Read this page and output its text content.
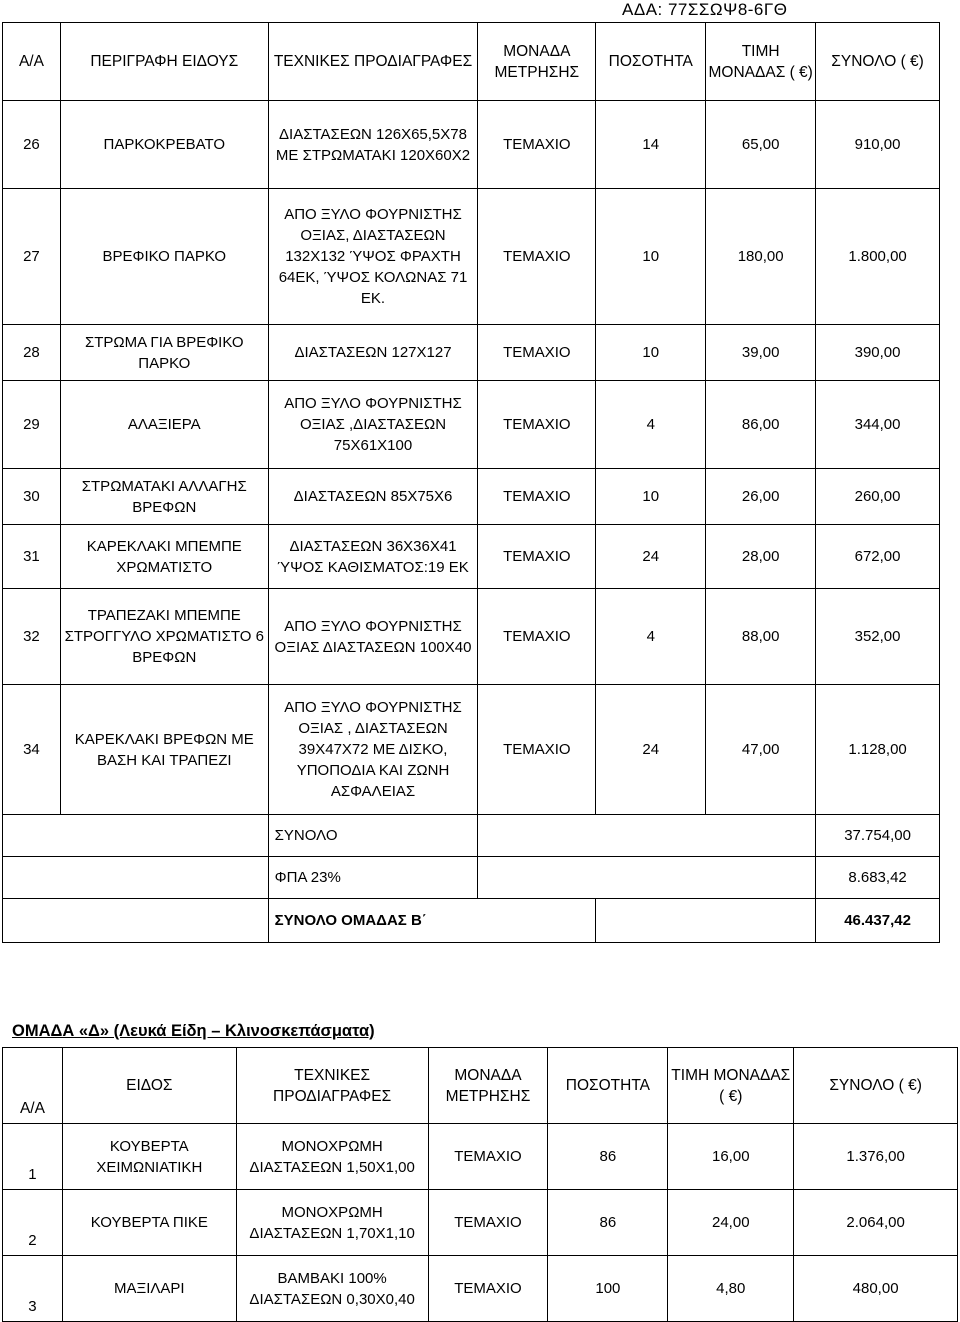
ΑΔΑ: 77ΣΣΩΨ8-6ΓΘ
Α/Α	ΠΕΡΙΓΡΑΦΗ ΕΙΔΟΥΣ	ΤΕΧΝΙΚΕΣ ΠΡΟΔΙΑΓΡΑΦΕΣ	ΜΟΝΑΔΑ ΜΕΤΡΗΣΗΣ	ΠΟΣΟΤΗΤΑ	ΤΙΜΗ ΜΟΝΑΔΑΣ ( €)	ΣΥΝΟΛΟ ( €)
26	ΠΑΡΚΟΚΡΕΒΑΤΟ	ΔΙΑΣΤΑΣΕΩΝ 126Χ65,5Χ78 ΜΕ ΣΤΡΩΜΑΤΑΚΙ 120Χ60Χ2	ΤΕΜΑΧΙΟ	14	65,00	910,00
27	ΒΡΕΦΙΚΟ ΠΑΡΚΟ	ΑΠΟ ΞΥΛΟ ΦΟΥΡΝΙΣΤΗΣ ΟΞΙΑΣ, ΔΙΑΣΤΑΣΕΩΝ 132Χ132 ΎΨΟΣ ΦΡΑΧΤΗ 64ΕΚ, ΎΨΟΣ ΚΟΛΩΝΑΣ 71 ΕΚ.	ΤΕΜΑΧΙΟ	10	180,00	1.800,00
28	ΣΤΡΩΜΑ ΓΙΑ ΒΡΕΦΙΚΟ ΠΑΡΚΟ	ΔΙΑΣΤΑΣΕΩΝ 127Χ127	ΤΕΜΑΧΙΟ	10	39,00	390,00
29	ΑΛΑΞΙΕΡΑ	ΑΠΟ ΞΥΛΟ ΦΟΥΡΝΙΣΤΗΣ ΟΞΙΑΣ ,ΔΙΑΣΤΑΣΕΩΝ 75Χ61Χ100	ΤΕΜΑΧΙΟ	4	86,00	344,00
30	ΣΤΡΩΜΑΤΑΚΙ ΑΛΛΑΓΗΣ ΒΡΕΦΩΝ	ΔΙΑΣΤΑΣΕΩΝ 85Χ75Χ6	ΤΕΜΑΧΙΟ	10	26,00	260,00
31	ΚΑΡΕΚΛΑΚΙ ΜΠΕΜΠΕ ΧΡΩΜΑΤΙΣΤΟ	ΔΙΑΣΤΑΣΕΩΝ 36Χ36Χ41 ΎΨΟΣ ΚΑΘΙΣΜΑΤΟΣ:19 ΕΚ	ΤΕΜΑΧΙΟ	24	28,00	672,00
32	ΤΡΑΠΕΖΑΚΙ ΜΠΕΜΠΕ ΣΤΡΟΓΓΥΛΟ ΧΡΩΜΑΤΙΣΤΟ 6 ΒΡΕΦΩΝ	ΑΠΟ ΞΥΛΟ ΦΟΥΡΝΙΣΤΗΣ ΟΞΙΑΣ ΔΙΑΣΤΑΣΕΩΝ 100Χ40	ΤΕΜΑΧΙΟ	4	88,00	352,00
34	ΚΑΡΕΚΛΑΚΙ ΒΡΕΦΩΝ ΜΕ ΒΑΣΗ ΚΑΙ ΤΡΑΠΕΖΙ	ΑΠΟ ΞΥΛΟ ΦΟΥΡΝΙΣΤΗΣ ΟΞΙΑΣ , ΔΙΑΣΤΑΣΕΩΝ 39Χ47Χ72 ΜΕ ΔΙΣΚΟ, ΥΠΟΠΟΔΙΑ ΚΑΙ ΖΩΝΗ ΑΣΦΑΛΕΙΑΣ	ΤΕΜΑΧΙΟ	24	47,00	1.128,00
		ΣΥΝΟΛΟ				37.754,00
		ΦΠΑ 23%				8.683,42
		ΣΥΝΟΛΟ ΟΜΑΔΑΣ Β΄				46.437,42
ΟΜΑΔΑ «Δ» (Λευκά Είδη – Κλινοσκεπάσματα)
Α/Α	ΕΙΔΟΣ	ΤΕΧΝΙΚΕΣ ΠΡΟΔΙΑΓΡΑΦΕΣ	ΜΟΝΑΔΑ ΜΕΤΡΗΣΗΣ	ΠΟΣΟΤΗΤΑ	ΤΙΜΗ ΜΟΝΑΔΑΣ ( €)	ΣΥΝΟΛΟ ( €)
1	ΚΟΥΒΕΡΤΑ ΧΕΙΜΩΝΙΑΤΙΚΗ	ΜΟΝΟΧΡΩΜΗ ΔΙΑΣΤΑΣΕΩΝ 1,50Χ1,00	ΤΕΜΑΧΙΟ	86	16,00	1.376,00
2	ΚΟΥΒΕΡΤΑ ΠΙΚΕ	ΜΟΝΟΧΡΩΜΗ ΔΙΑΣΤΑΣΕΩΝ 1,70Χ1,10	ΤΕΜΑΧΙΟ	86	24,00	2.064,00
3	ΜΑΞΙΛΑΡΙ	ΒΑΜΒΑΚΙ 100% ΔΙΑΣΤΑΣΕΩΝ 0,30Χ0,40	ΤΕΜΑΧΙΟ	100	4,80	480,00
